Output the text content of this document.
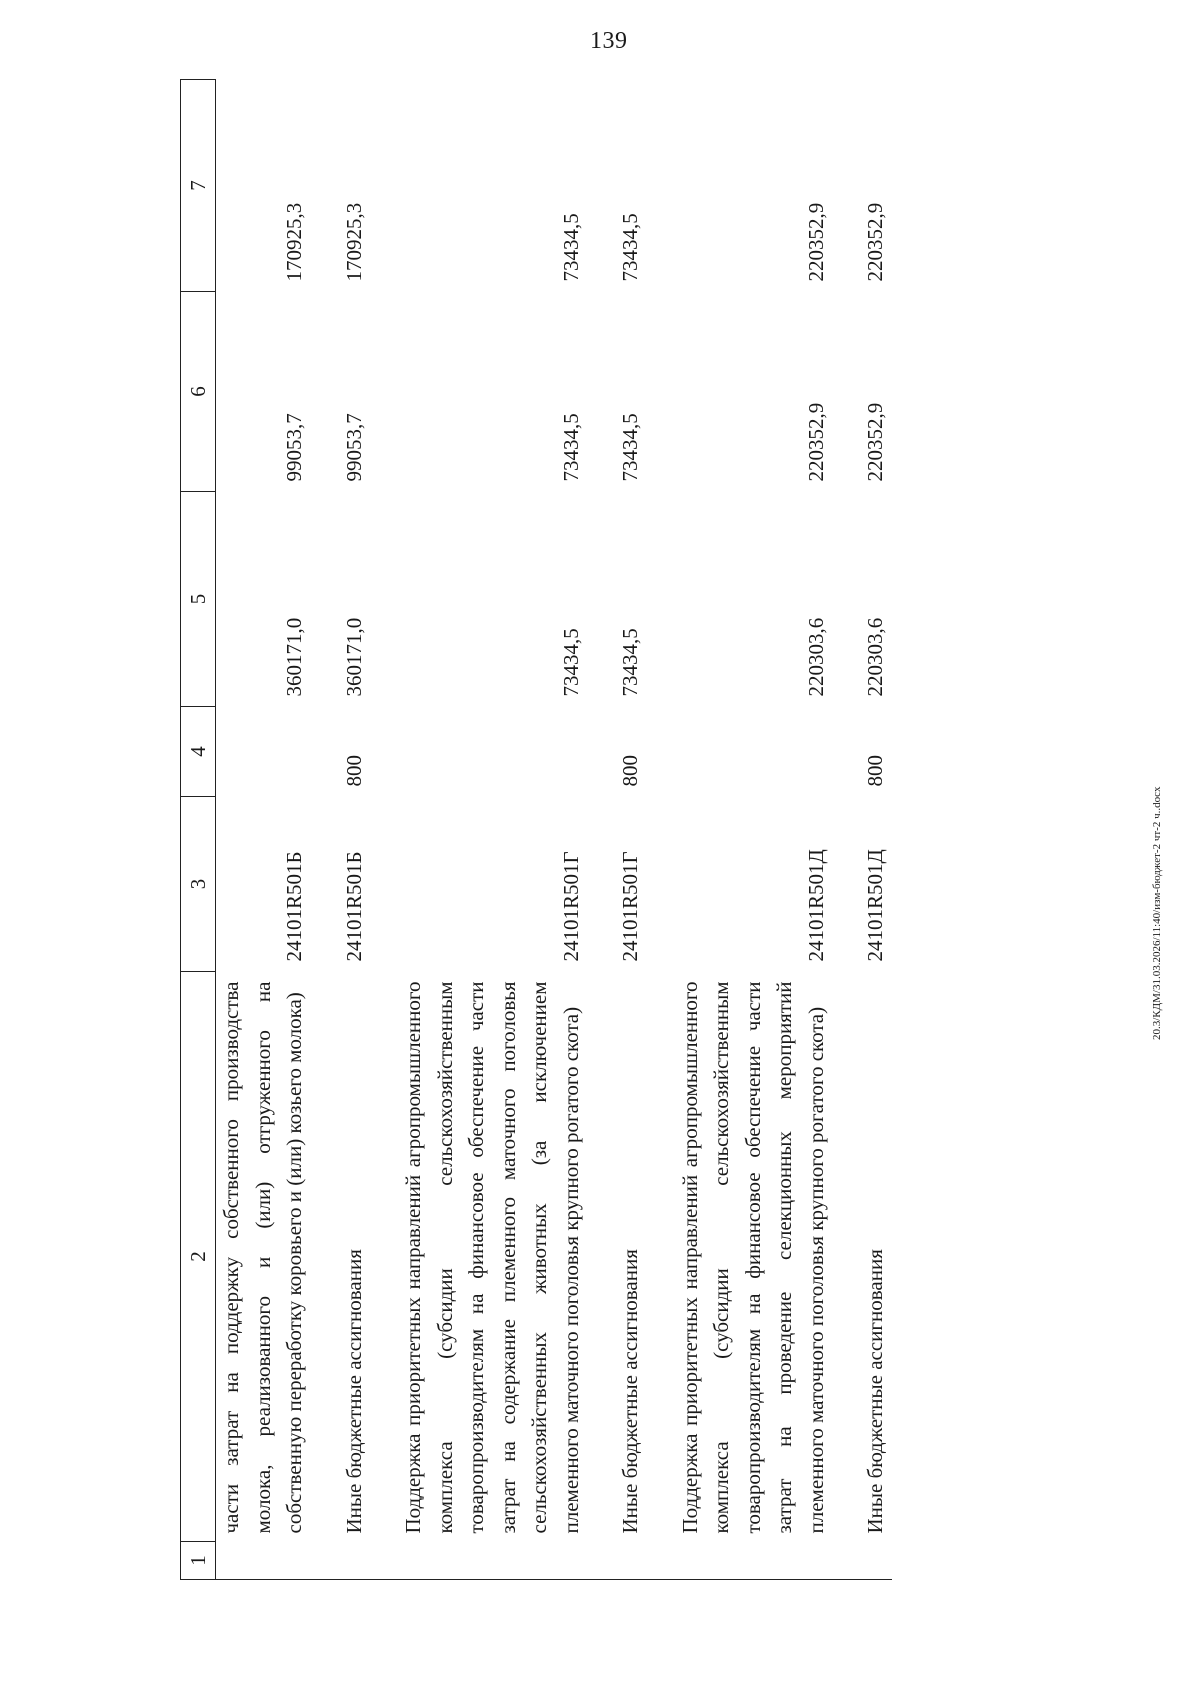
139
1	2	3	4	5	6	7
	части затрат на поддержку собственного производства молока, реализованного и (или) отгруженного на собственную переработку коровьего и (или) козьего молока)	24101R501Б		360171,0	99053,7	170925,3
	Иные бюджетные ассигнования	24101R501Б	800	360171,0	99053,7	170925,3
	Поддержка приоритетных направлений агропромышленного комплекса (субсидии сельскохозяйственным товаропроизводителям на финансовое обеспечение части затрат на содержание племенного маточного поголовья сельскохозяйственных животных (за исключением племенного маточного поголовья крупного рогатого скота)	24101R501Г		73434,5	73434,5	73434,5
	Иные бюджетные ассигнования	24101R501Г	800	73434,5	73434,5	73434,5
	Поддержка приоритетных направлений агропромышленного комплекса (субсидии сельскохозяйственным товаропроизводителям на финансовое обеспечение части затрат на проведение селекционных мероприятий племенного маточного поголовья крупного рогатого скота)	24101R501Д		220303,6	220352,9	220352,9
	Иные бюджетные ассигнования	24101R501Д	800	220303,6	220352,9	220352,9
20.3/КДМ/31.03.2026/11:40/изм-бюджет-2 чт-2 ч..docx
